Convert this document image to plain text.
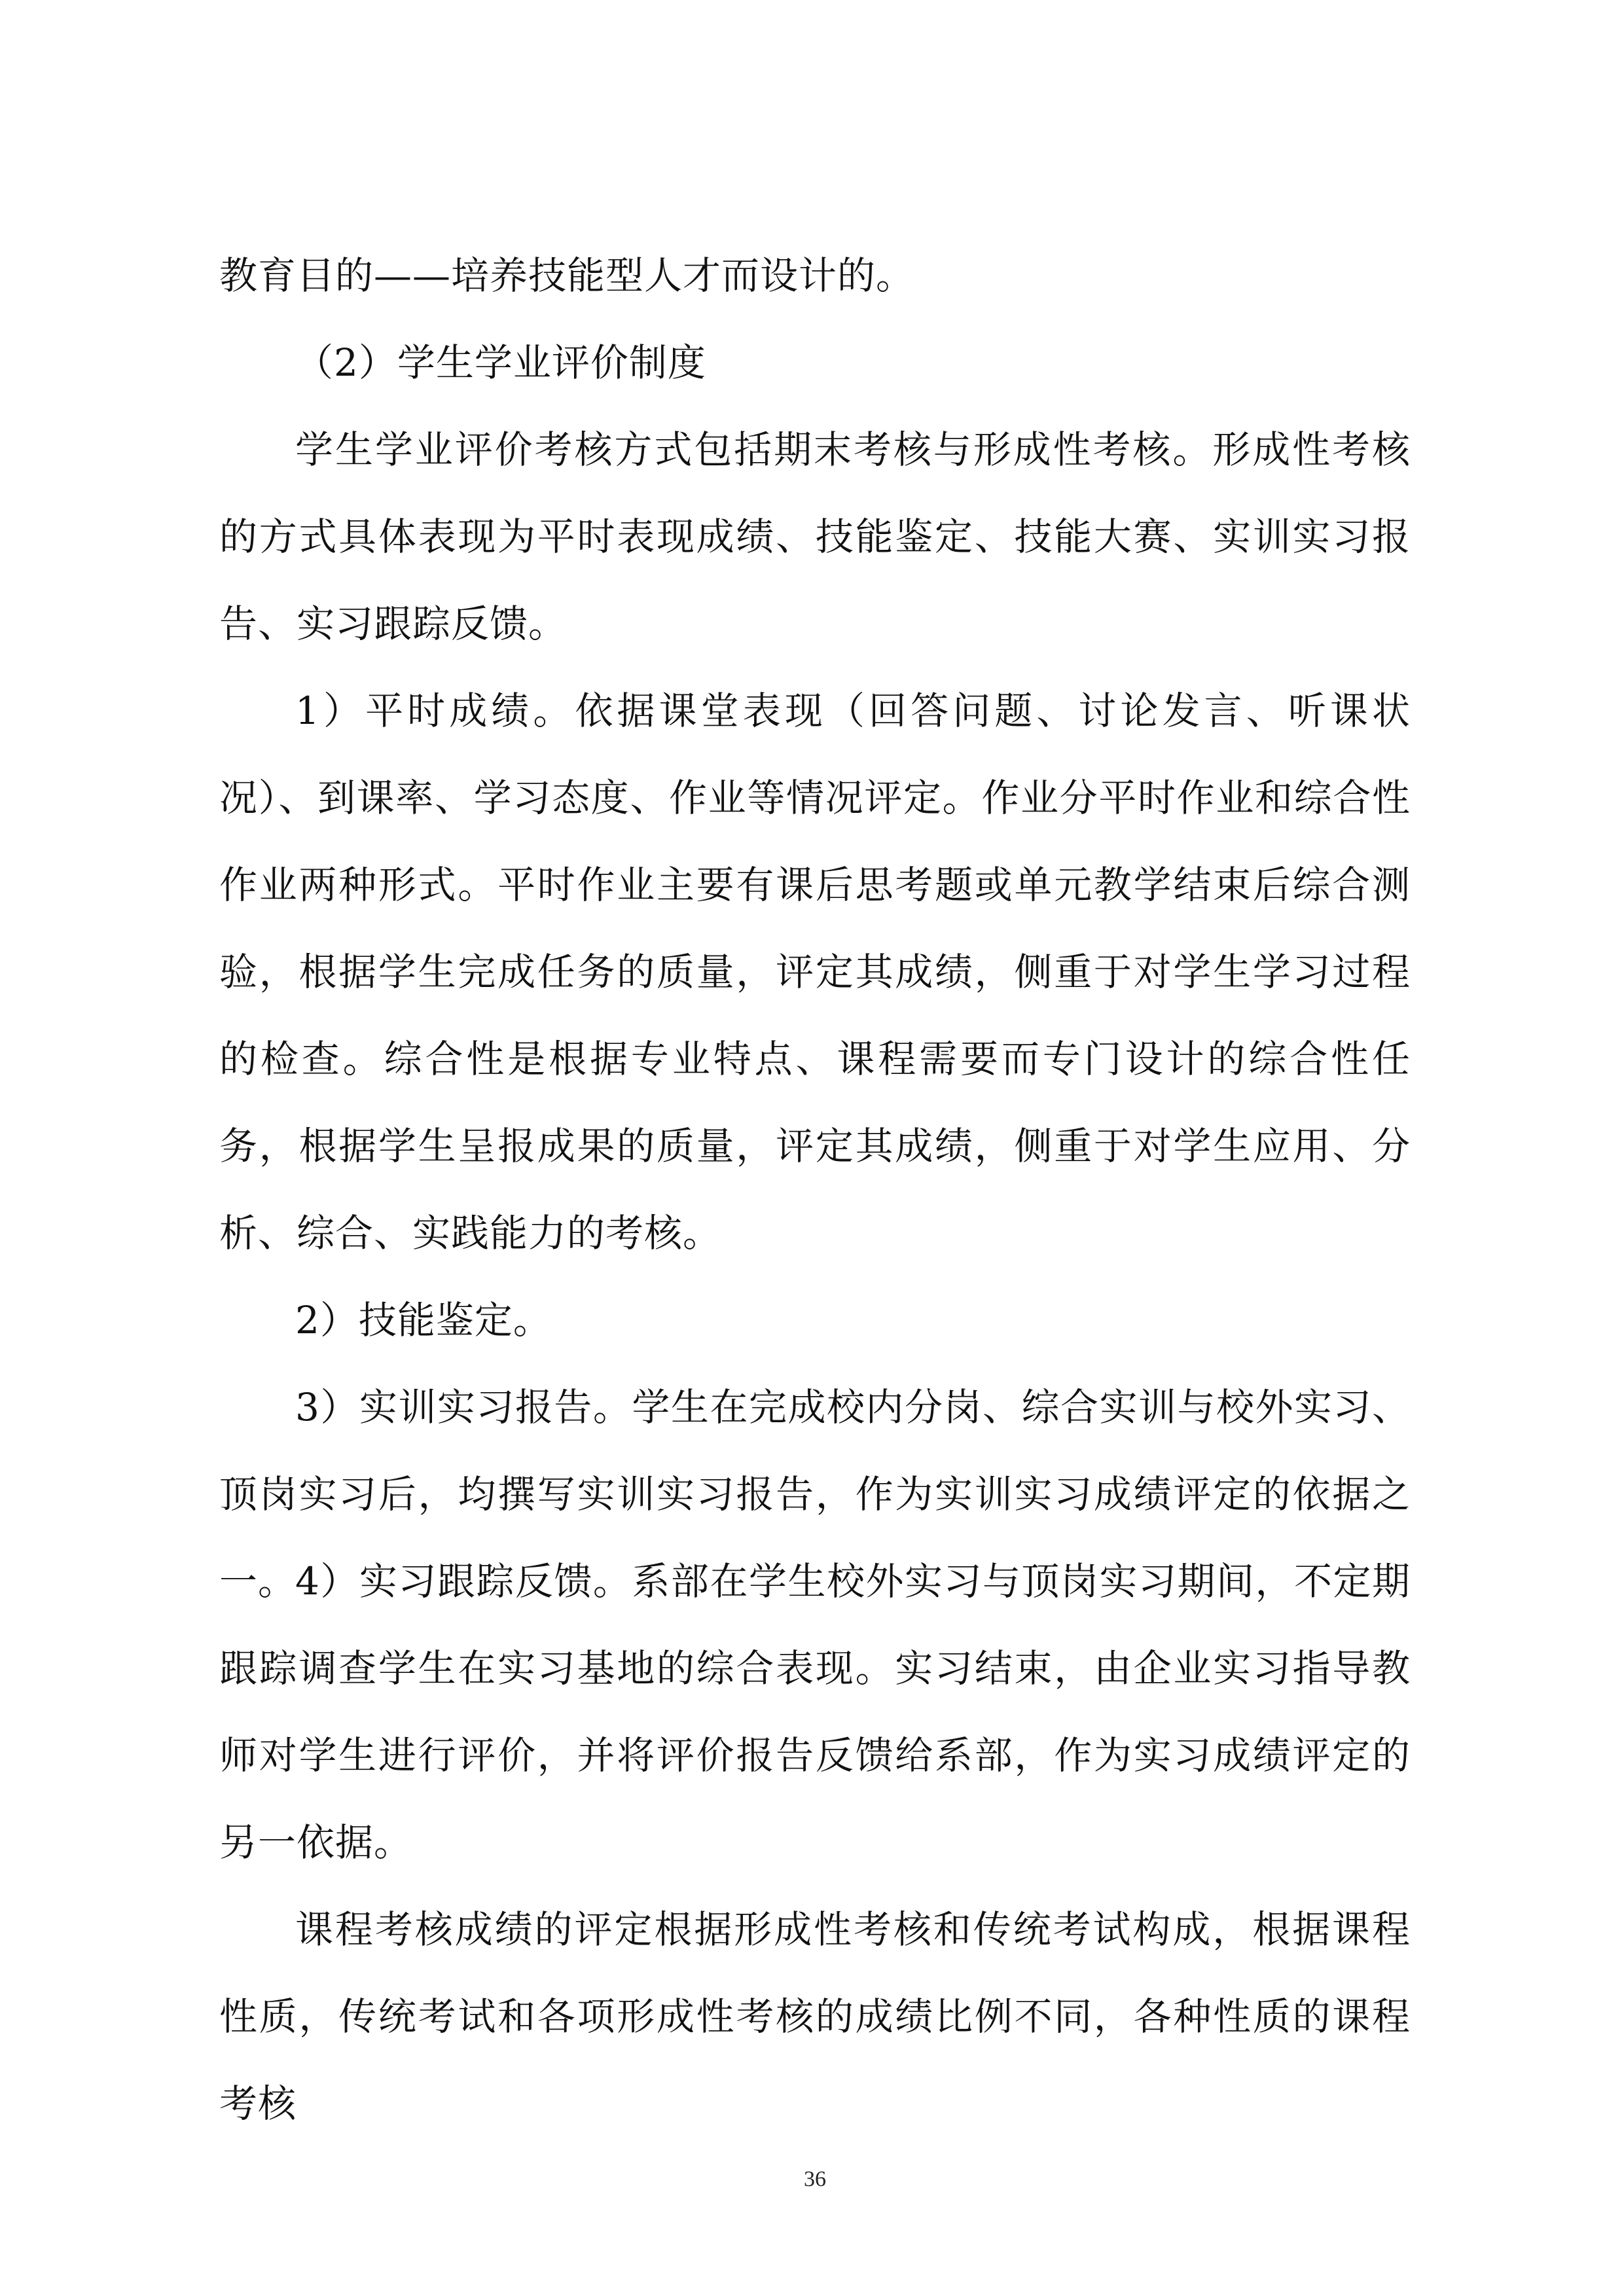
教育目的——培养技能型人才而设计的。

（2）学生学业评价制度

学生学业评价考核方式包括期末考核与形成性考核。形成性考核的方式具体表现为平时表现成绩、技能鉴定、技能大赛、实训实习报告、实习跟踪反馈。

1）平时成绩。依据课堂表现（回答问题、讨论发言、听课状况）、到课率、学习态度、作业等情况评定。作业分平时作业和综合性作业两种形式。平时作业主要有课后思考题或单元教学结束后综合测验，根据学生完成任务的质量，评定其成绩，侧重于对学生学习过程的检查。综合性是根据专业特点、课程需要而专门设计的综合性任务，根据学生呈报成果的质量，评定其成绩，侧重于对学生应用、分析、综合、实践能力的考核。

2）技能鉴定。

3）实训实习报告。学生在完成校内分岗、综合实训与校外实习、顶岗实习后，均撰写实训实习报告，作为实训实习成绩评定的依据之一。

4）实习跟踪反馈。系部在学生校外实习与顶岗实习期间，不定期跟踪调查学生在实习基地的综合表现。实习结束，由企业实习指导教师对学生进行评价，并将评价报告反馈给系部，作为实习成绩评定的另一依据。

课程考核成绩的评定根据形成性考核和传统考试构成，根据课程性质，传统考试和各项形成性考核的成绩比例不同，各种性质的课程考核

36
